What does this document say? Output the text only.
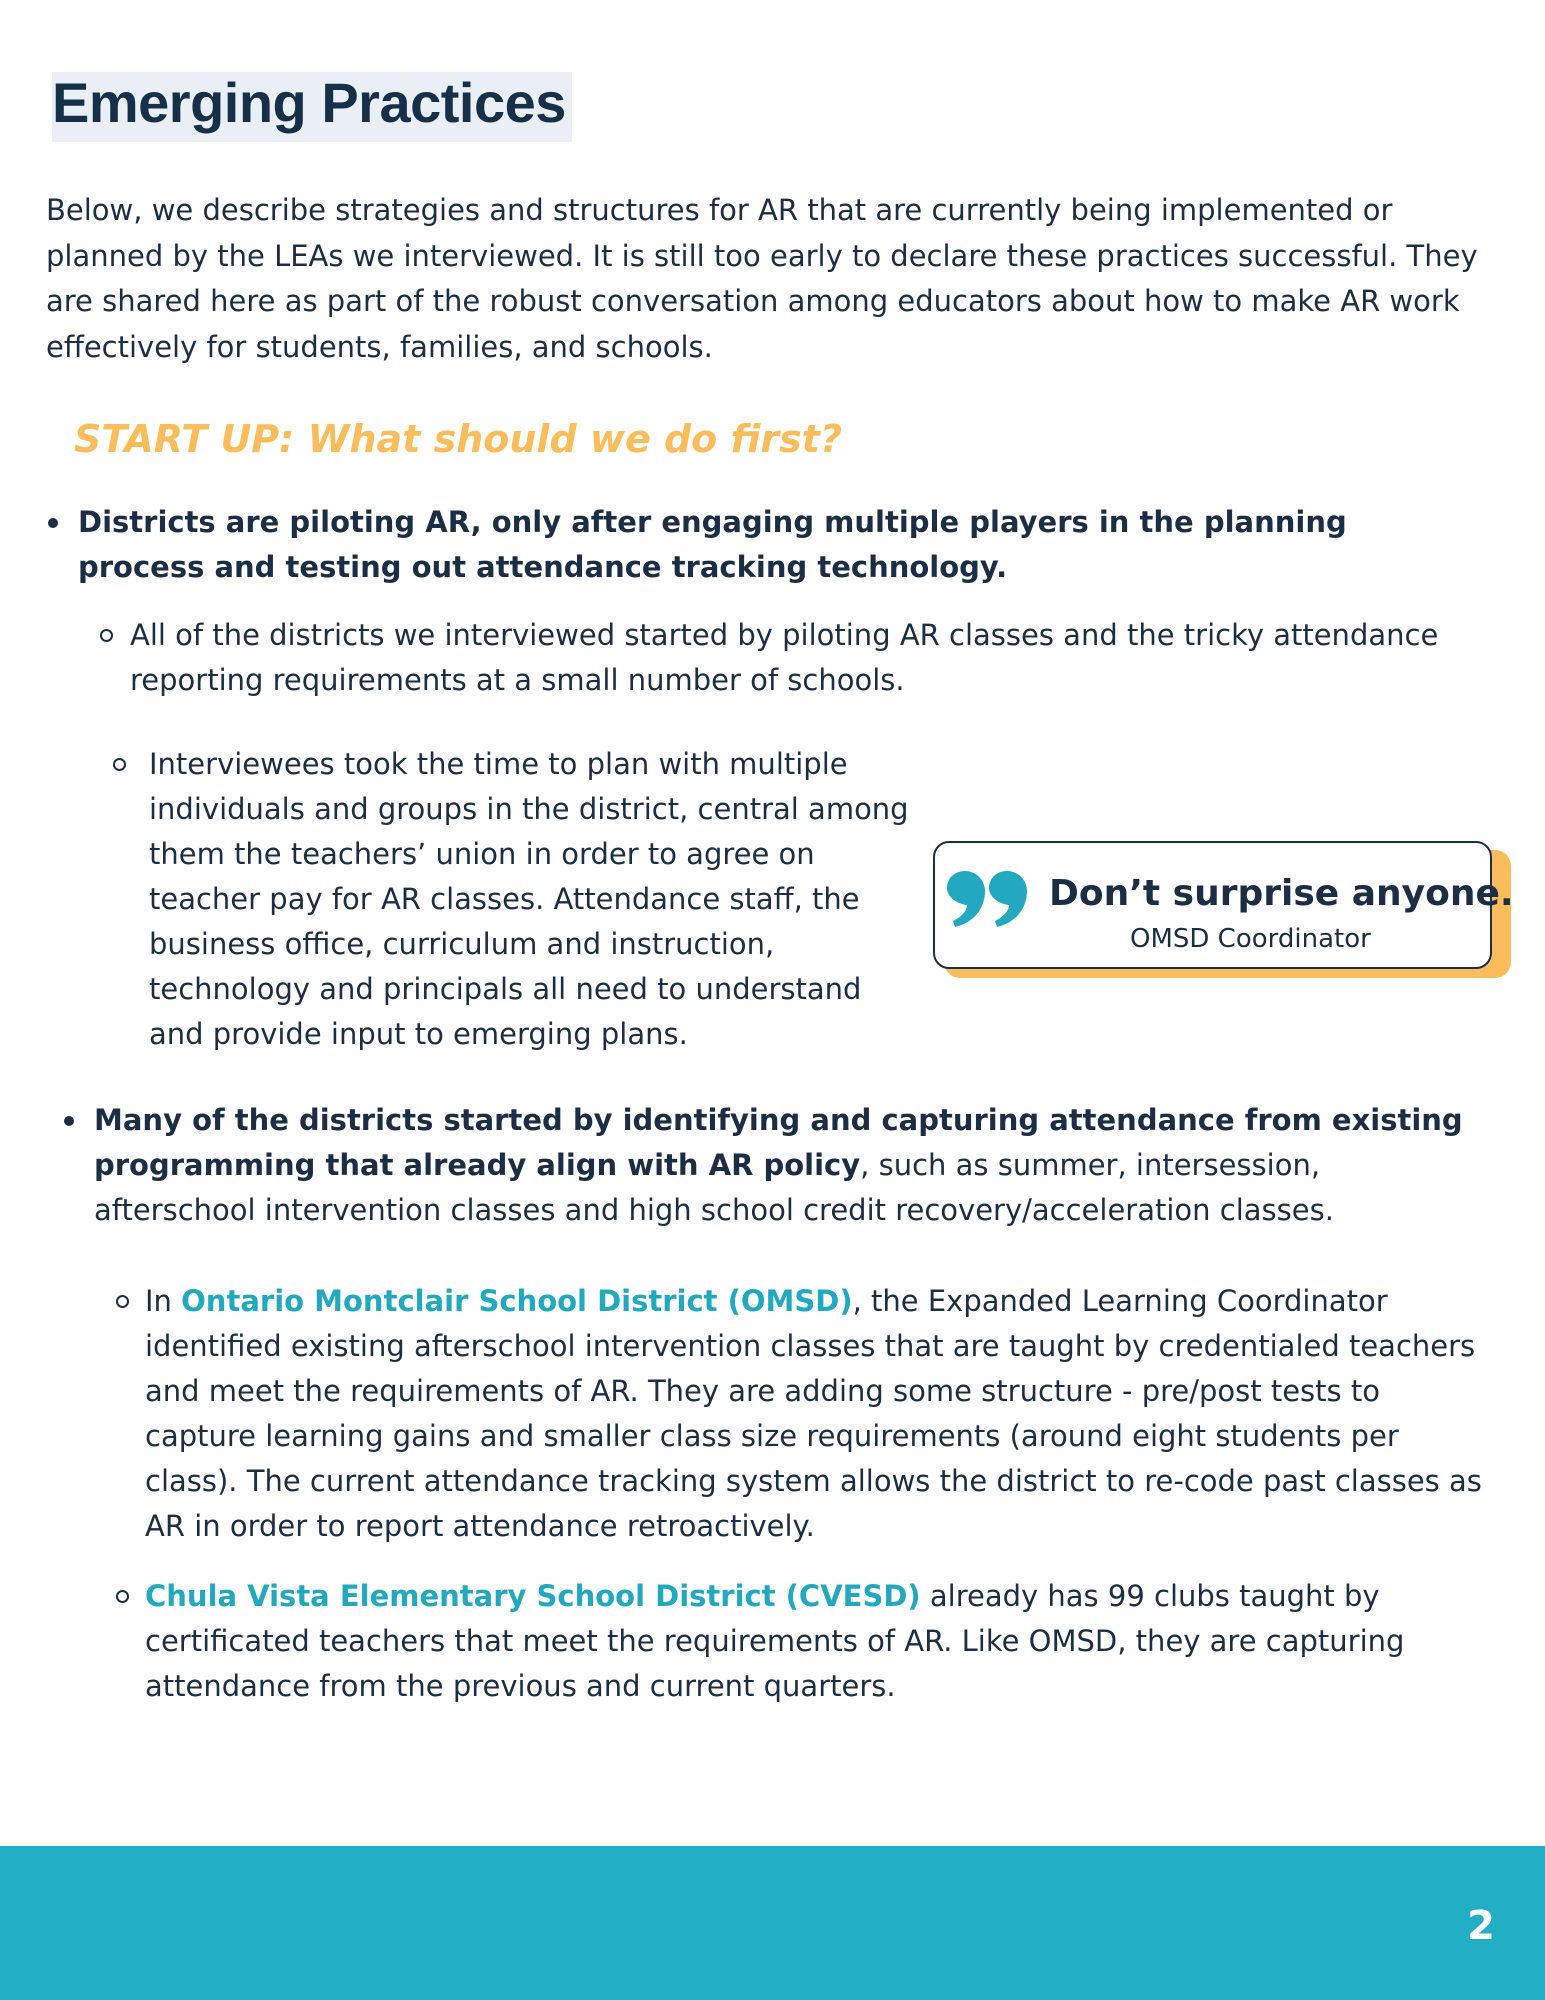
Emerging Practices

Below, we describe strategies and structures for AR that are currently being implemented or planned by the LEAs we interviewed. It is still too early to declare these practices successful. They are shared here as part of the robust conversation among educators about how to make AR work effectively for students, families, and schools.

START UP: What should we do first?

Districts are piloting AR, only after engaging multiple players in the planning process and testing out attendance tracking technology.

All of the districts we interviewed started by piloting AR classes and the tricky attendance reporting requirements at a small number of schools.

Interviewees took the time to plan with multiple individuals and groups in the district, central among them the teachers’ union in order to agree on teacher pay for AR classes. Attendance staff, the business office, curriculum and instruction, technology and principals all need to understand and provide input to emerging plans.

Don’t surprise anyone.

OMSD Coordinator

Many of the districts started by identifying and capturing attendance from existing programming that already align with AR policy, such as summer, intersession, afterschool intervention classes and high school credit recovery/acceleration classes.

In Ontario Montclair School District (OMSD), the Expanded Learning Coordinator identified existing afterschool intervention classes that are taught by credentialed teachers and meet the requirements of AR. They are adding some structure - pre/post tests to capture learning gains and smaller class size requirements (around eight students per class). The current attendance tracking system allows the district to re-code past classes as AR in order to report attendance retroactively.

Chula Vista Elementary School District (CVESD) already has 99 clubs taught by certificated teachers that meet the requirements of AR. Like OMSD, they are capturing attendance from the previous and current quarters.

2
